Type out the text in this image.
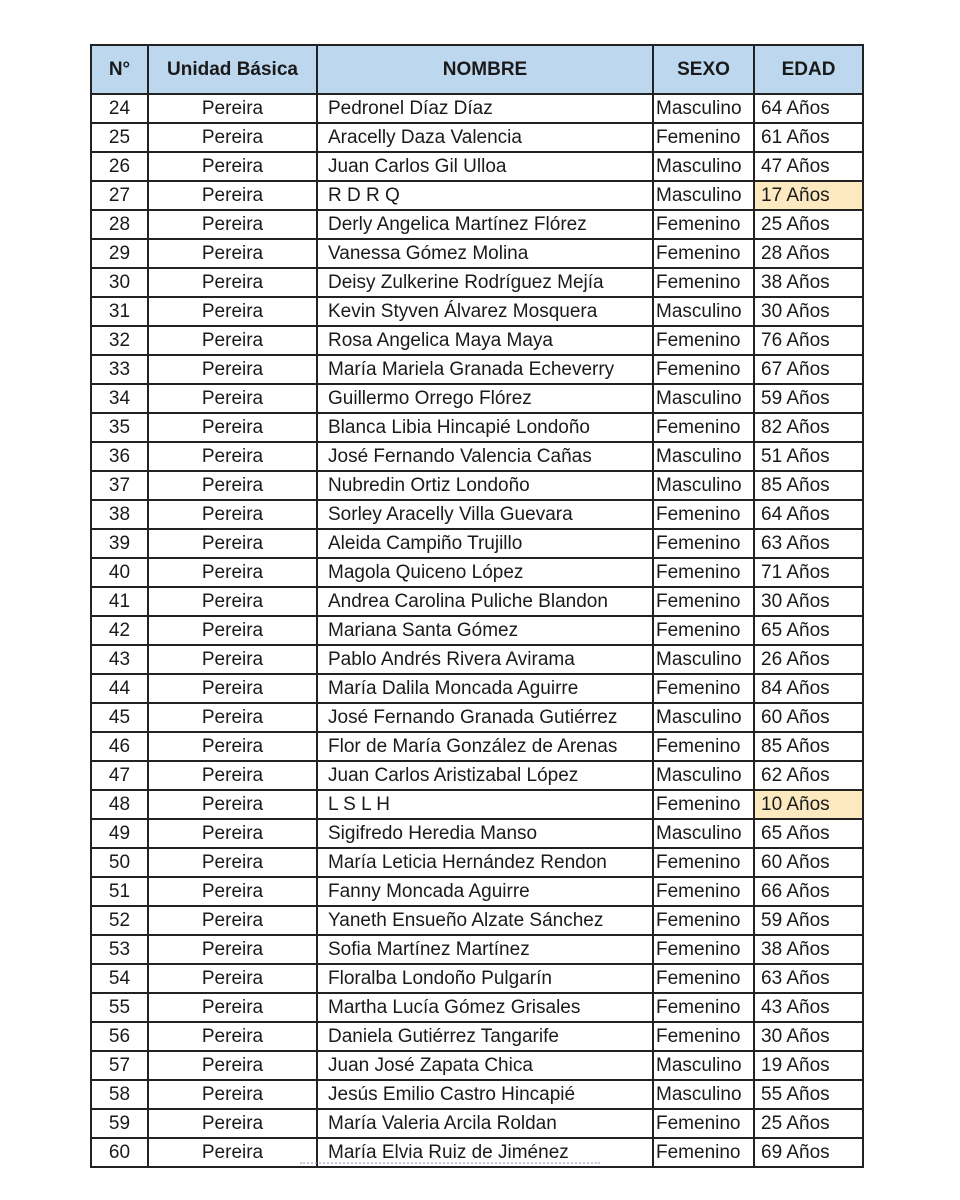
N°	Unidad Básica	NOMBRE	SEXO	EDAD
24	Pereira	Pedronel Díaz Díaz	Masculino	64 Años
25	Pereira	Aracelly Daza Valencia	Femenino	61 Años
26	Pereira	Juan Carlos Gil Ulloa	Masculino	47 Años
27	Pereira	R D R Q	Masculino	17 Años
28	Pereira	Derly Angelica Martínez Flórez	Femenino	25 Años
29	Pereira	Vanessa Gómez Molina	Femenino	28 Años
30	Pereira	Deisy Zulkerine Rodríguez Mejía	Femenino	38 Años
31	Pereira	Kevin Styven Álvarez Mosquera	Masculino	30 Años
32	Pereira	Rosa Angelica Maya Maya	Femenino	76 Años
33	Pereira	María Mariela Granada Echeverry	Femenino	67 Años
34	Pereira	Guillermo Orrego Flórez	Masculino	59 Años
35	Pereira	Blanca Libia Hincapié Londoño	Femenino	82 Años
36	Pereira	José Fernando Valencia Cañas	Masculino	51 Años
37	Pereira	Nubredin Ortiz Londoño	Masculino	85 Años
38	Pereira	Sorley Aracelly Villa Guevara	Femenino	64 Años
39	Pereira	Aleida Campiño Trujillo	Femenino	63 Años
40	Pereira	Magola Quiceno López	Femenino	71 Años
41	Pereira	Andrea Carolina Puliche Blandon	Femenino	30 Años
42	Pereira	Mariana Santa Gómez	Femenino	65 Años
43	Pereira	Pablo Andrés Rivera Avirama	Masculino	26 Años
44	Pereira	María Dalila Moncada Aguirre	Femenino	84 Años
45	Pereira	José Fernando Granada Gutiérrez	Masculino	60 Años
46	Pereira	Flor de María González de Arenas	Femenino	85 Años
47	Pereira	Juan Carlos Aristizabal López	Masculino	62 Años
48	Pereira	L S L H	Femenino	10 Años
49	Pereira	Sigifredo Heredia Manso	Masculino	65 Años
50	Pereira	María Leticia Hernández Rendon	Femenino	60 Años
51	Pereira	Fanny Moncada Aguirre	Femenino	66 Años
52	Pereira	Yaneth Ensueño Alzate Sánchez	Femenino	59 Años
53	Pereira	Sofia Martínez Martínez	Femenino	38 Años
54	Pereira	Floralba Londoño Pulgarín	Femenino	63 Años
55	Pereira	Martha Lucía Gómez Grisales	Femenino	43 Años
56	Pereira	Daniela Gutiérrez Tangarife	Femenino	30 Años
57	Pereira	Juan José Zapata Chica	Masculino	19 Años
58	Pereira	Jesús Emilio Castro Hincapié	Masculino	55 Años
59	Pereira	María Valeria Arcila Roldan	Femenino	25 Años
60	Pereira	María Elvia Ruiz de Jiménez	Femenino	69 Años
